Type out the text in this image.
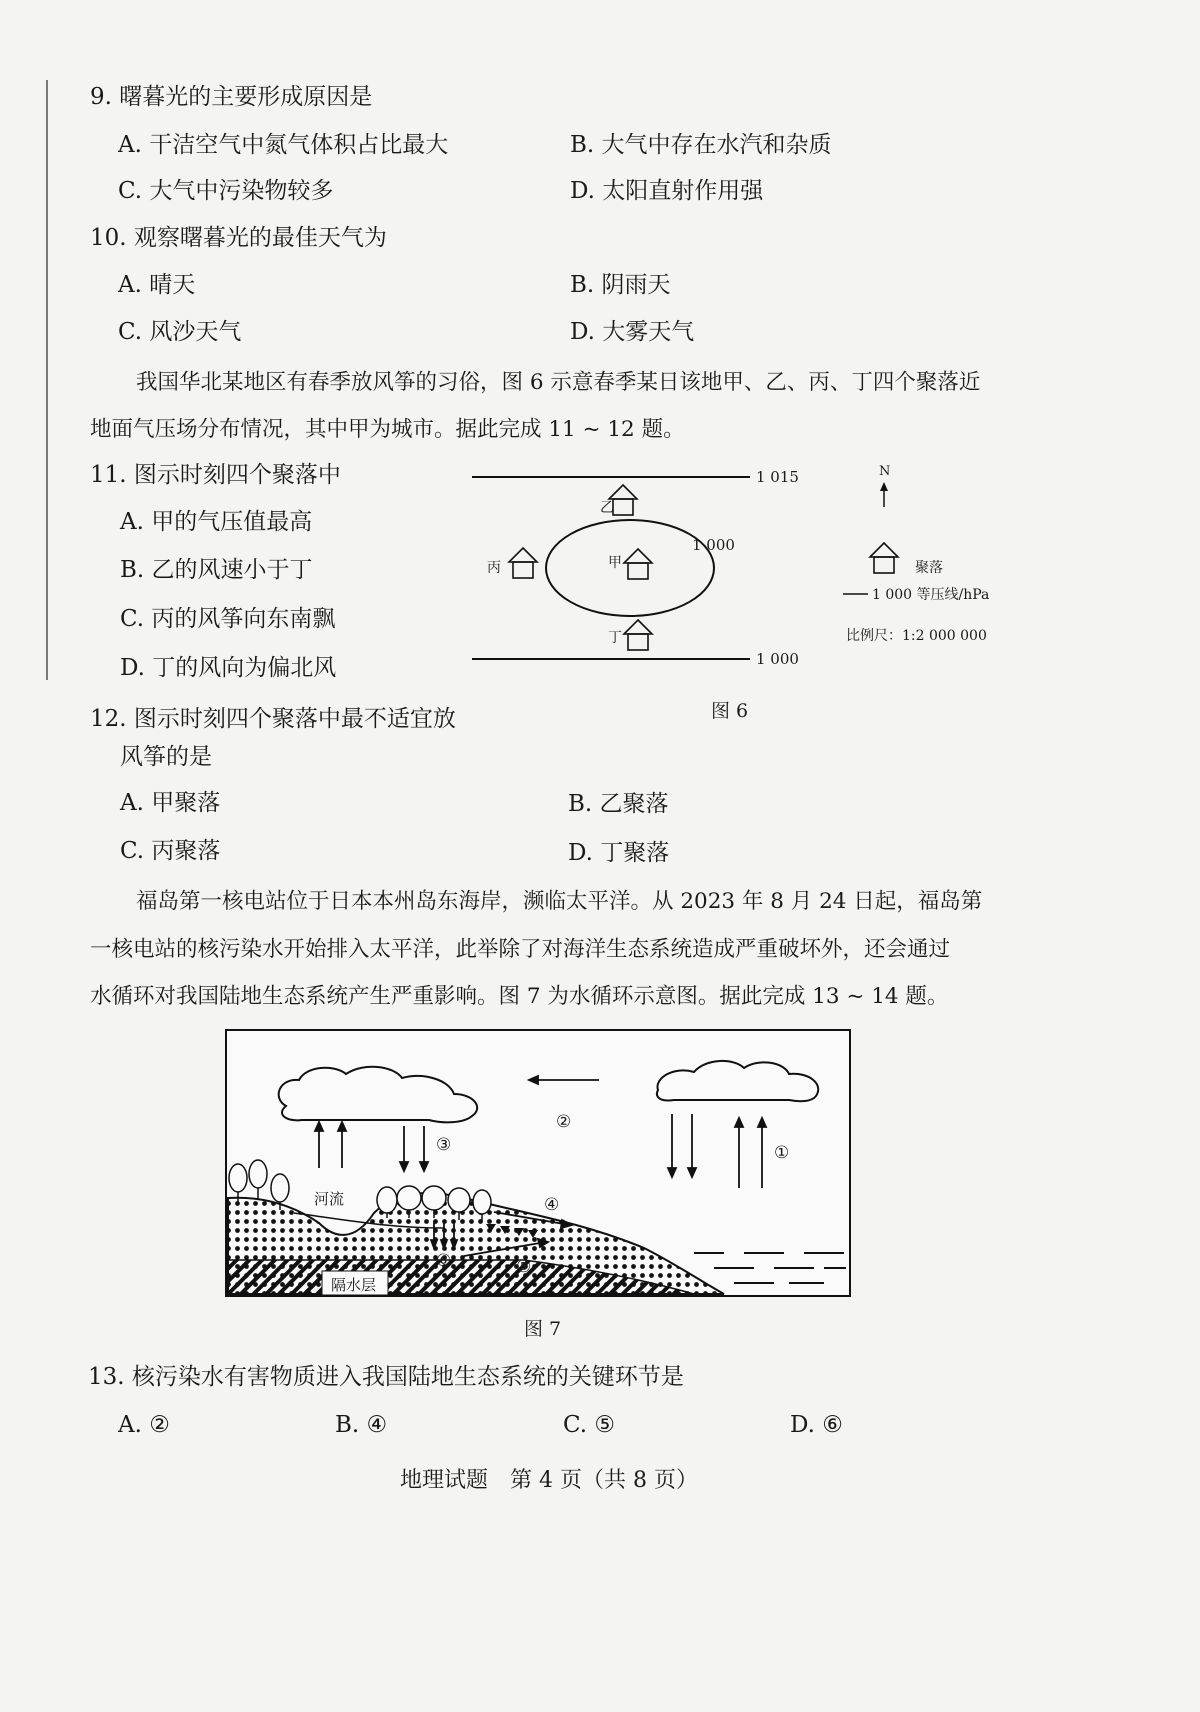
9. 曙暮光的主要形成原因是
A. 干洁空气中氮气体积占比最大	B. 大气中存在水汽和杂质
C. 大气中污染物较多	D. 太阳直射作用强
10. 观察曙暮光的最佳天气为
A. 晴天	B. 阴雨天
C. 风沙天气	D. 大雾天气
我国华北某地区有春季放风筝的习俗，图 6 示意春季某日该地甲、乙、丙、丁四个聚落近
地面气压场分布情况，其中甲为城市。据此完成 11 ~ 12 题。
11. 图示时刻四个聚落中
A. 甲的气压值最高
B. 乙的风速小于丁
C. 丙的风筝向东南飘
D. 丁的风向为偏北风
1 015
1 000
1 000
乙
甲
丙
丁
N
聚落
1 000 等压线/hPa
比例尺：1:2 000 000
图 6
12. 图示时刻四个聚落中最不适宜放
风筝的是
A. 甲聚落	B. 乙聚落
C. 丙聚落	D. 丁聚落
福岛第一核电站位于日本本州岛东海岸，濒临太平洋。从 2023 年 8 月 24 日起，福岛第
一核电站的核污染水开始排入太平洋，此举除了对海洋生态系统造成严重破坏外，还会通过
水循环对我国陆地生态系统产生严重影响。图 7 为水循环示意图。据此完成 13 ~ 14 题。
隔水层
河流
①
②
③
④
⑤
⑥
图 7
13. 核污染水有害物质进入我国陆地生态系统的关键环节是
A. ②	B. ④	C. ⑤	D. ⑥
地理试题　第 4 页（共 8 页）
